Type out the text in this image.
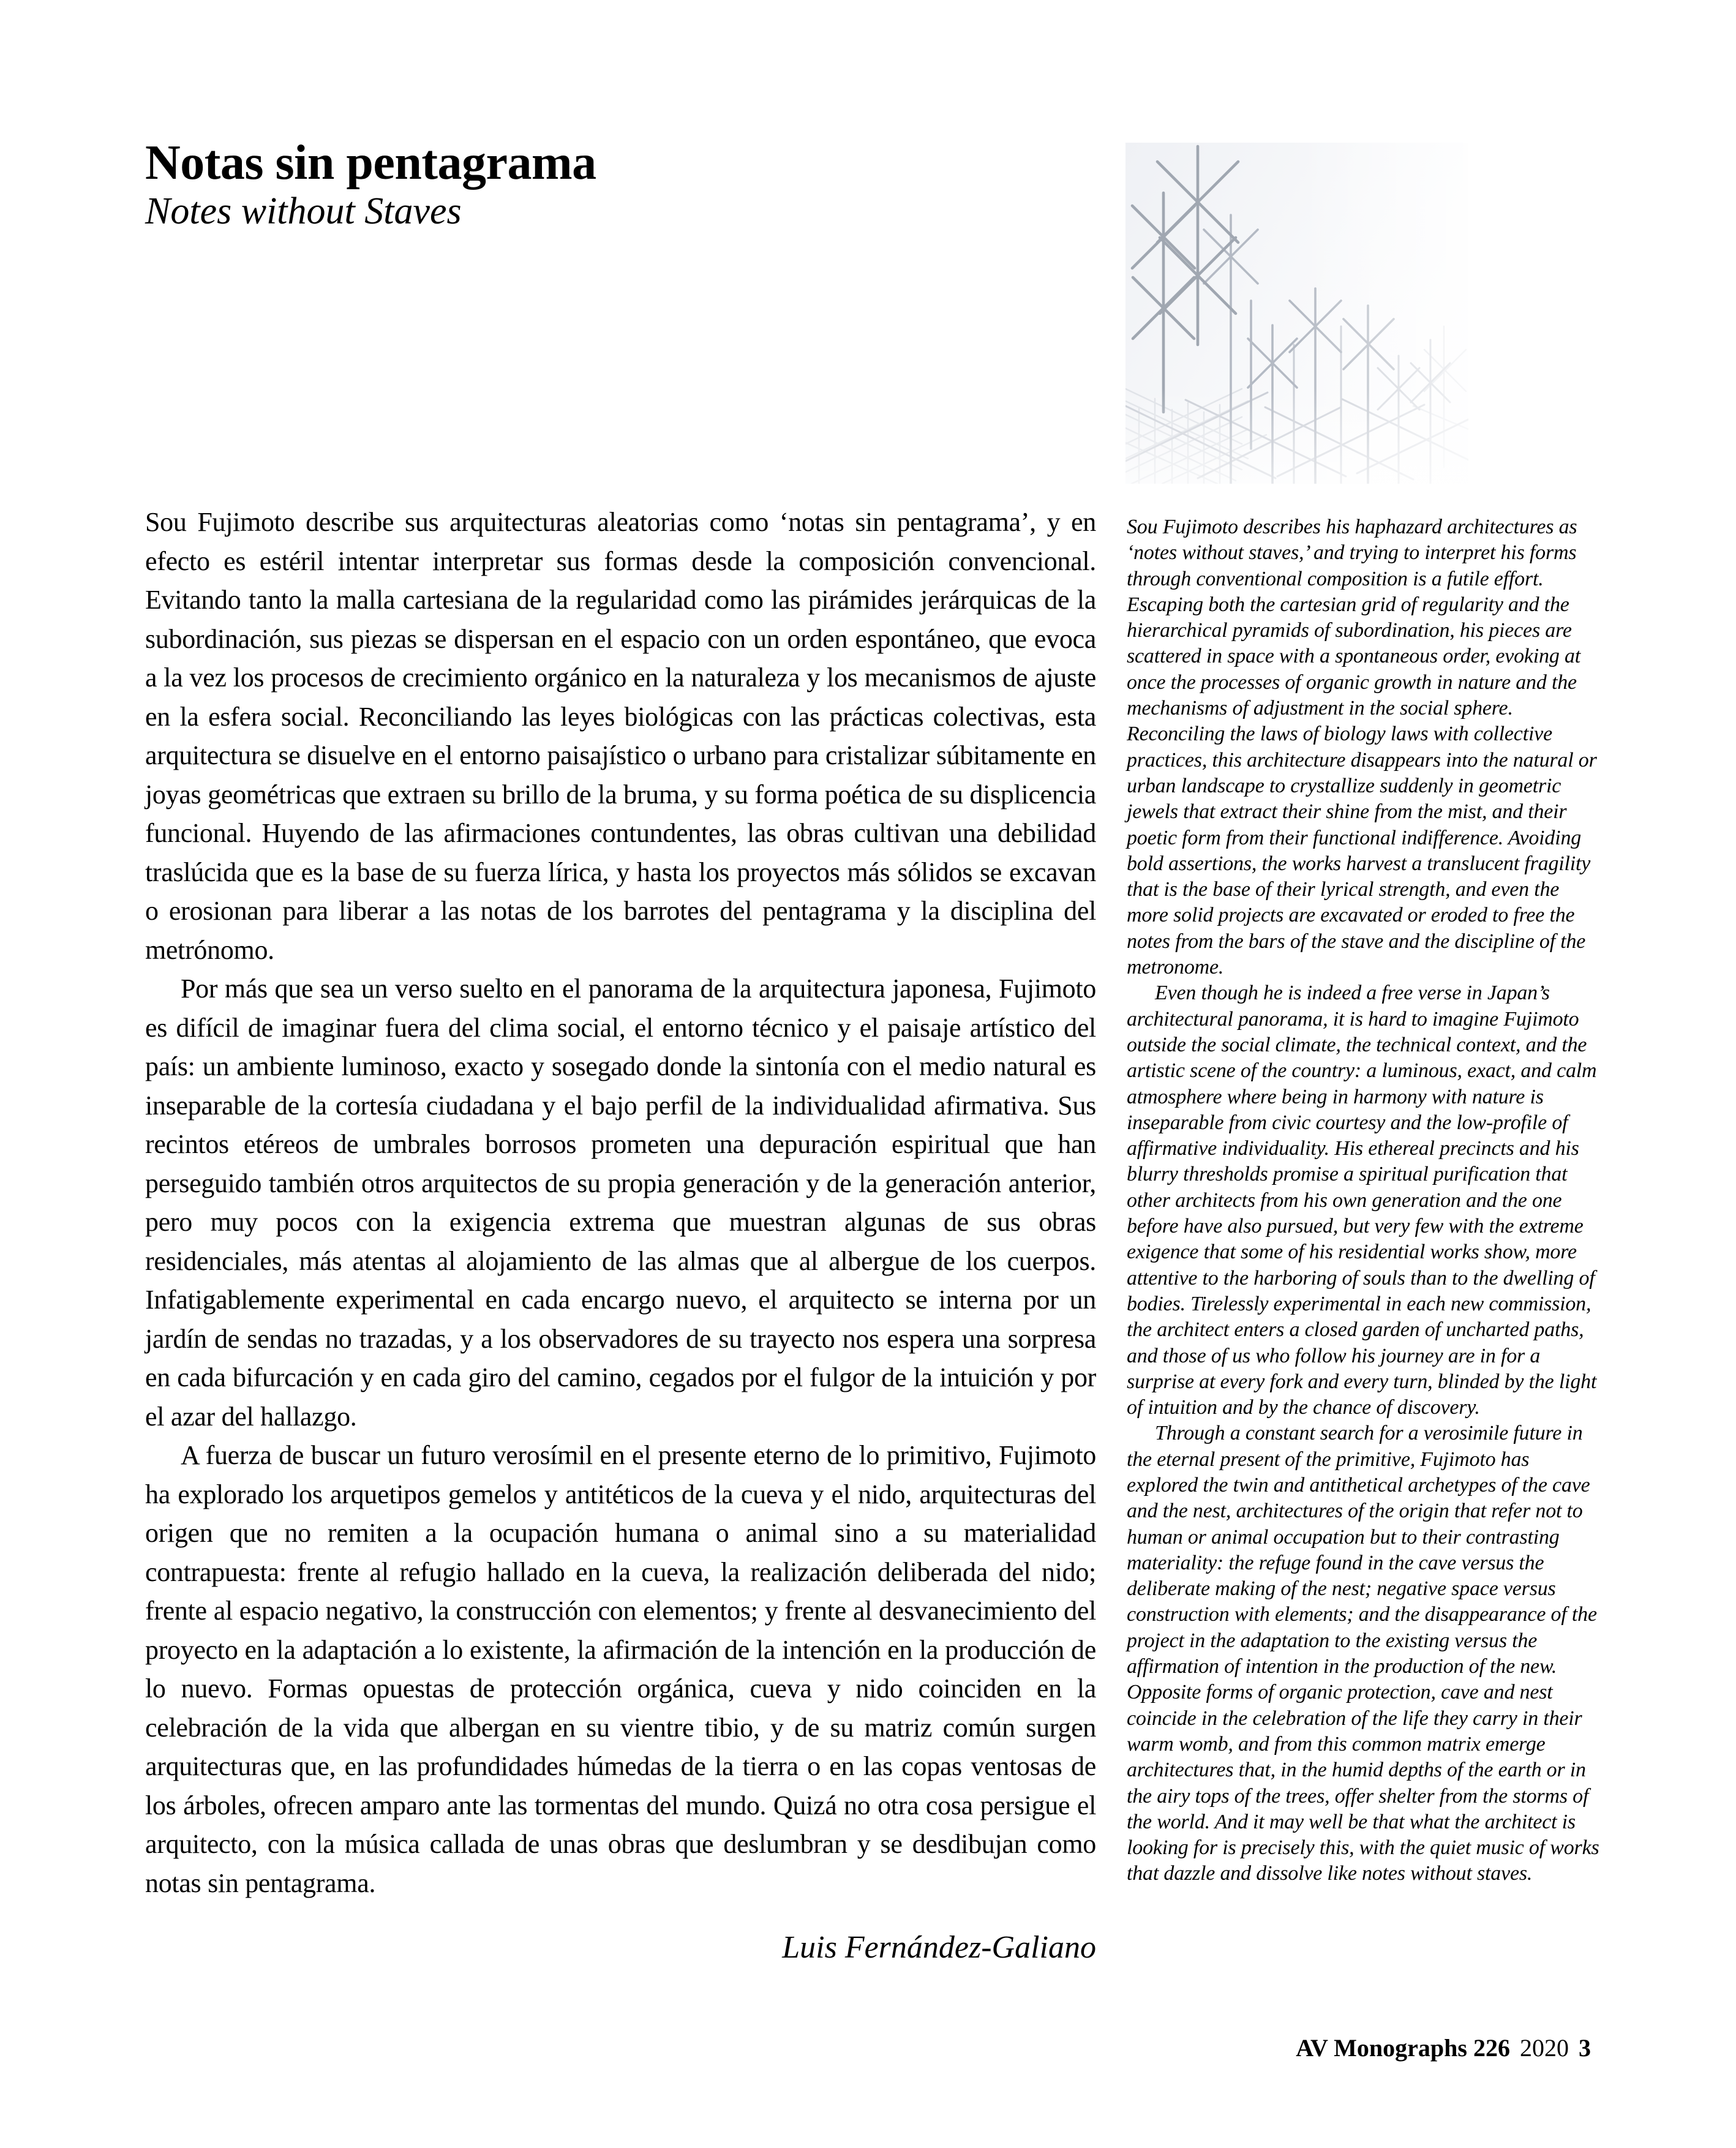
Notas sin pentagrama
Notes without Staves

Sou Fujimoto describe sus arquitecturas aleatorias como ‘notas sin pentagrama’, y en efecto es estéril intentar interpretar sus formas desde la composición convencional. Evitando tanto la malla cartesiana de la regularidad como las pirámides jerárquicas de la subordinación, sus piezas se dispersan en el espacio con un orden espontáneo, que evoca a la vez los procesos de crecimiento orgánico en la naturaleza y los mecanismos de ajuste en la esfera social. Reconciliando las leyes biológicas con las prácticas colectivas, esta arquitectura se disuelve en el entorno paisajístico o urbano para cristalizar súbitamente en joyas geométricas que extraen su brillo de la bruma, y su forma poética de su displicencia funcional. Huyendo de las afirmaciones contundentes, las obras cultivan una debilidad traslúcida que es la base de su fuerza lírica, y hasta los proyectos más sólidos se excavan o erosionan para liberar a las notas de los barrotes del pentagrama y la disciplina del metrónomo.

Por más que sea un verso suelto en el panorama de la arquitectura japonesa, Fujimoto es difícil de imaginar fuera del clima social, el entorno técnico y el paisaje artístico del país: un ambiente luminoso, exacto y sosegado donde la sintonía con el medio natural es inseparable de la cortesía ciudadana y el bajo perfil de la individualidad afirmativa. Sus recintos etéreos de umbrales borrosos prometen una depuración espiritual que han perseguido también otros arquitectos de su propia generación y de la generación anterior, pero muy pocos con la exigencia extrema que muestran algunas de sus obras residenciales, más atentas al alojamiento de las almas que al albergue de los cuerpos. Infatigablemente experimental en cada encargo nuevo, el arquitecto se interna por un jardín de sendas no trazadas, y a los observadores de su trayecto nos espera una sorpresa en cada bifurcación y en cada giro del camino, cegados por el fulgor de la intuición y por el azar del hallazgo.

A fuerza de buscar un futuro verosímil en el presente eterno de lo primitivo, Fujimoto ha explorado los arquetipos gemelos y antitéticos de la cueva y el nido, arquitecturas del origen que no remiten a la ocupación humana o animal sino a su materialidad contrapuesta: frente al refugio hallado en la cueva, la realización deliberada del nido; frente al espacio negativo, la construcción con elementos; y frente al desvanecimiento del proyecto en la adaptación a lo existente, la afirmación de la intención en la producción de lo nuevo. Formas opuestas de protección orgánica, cueva y nido coinciden en la celebración de la vida que albergan en su vientre tibio, y de su matriz común surgen arquitecturas que, en las profundidades húmedas de la tierra o en las copas ventosas de los árboles, ofrecen amparo ante las tormentas del mundo. Quizá no otra cosa persigue el arquitecto, con la música callada de unas obras que deslumbran y se desdibujan como notas sin pentagrama.

Luis Fernández-Galiano

Sou Fujimoto describes his haphazard architectures as ‘notes without staves,’ and trying to interpret his forms through conventional composition is a futile effort. Escaping both the cartesian grid of regularity and the hierarchical pyramids of subordination, his pieces are scattered in space with a spontaneous order, evoking at once the processes of organic growth in nature and the mechanisms of adjustment in the social sphere. Reconciling the laws of biology laws with collective practices, this architecture disappears into the natural or urban landscape to crystallize suddenly in geometric jewels that extract their shine from the mist, and their poetic form from their functional indifference. Avoiding bold assertions, the works harvest a translucent fragility that is the base of their lyrical strength, and even the more solid projects are excavated or eroded to free the notes from the bars of the stave and the discipline of the metronome.

Even though he is indeed a free verse in Japan’s architectural panorama, it is hard to imagine Fujimoto outside the social climate, the technical context, and the artistic scene of the country: a luminous, exact, and calm atmosphere where being in harmony with nature is inseparable from civic courtesy and the low-profile of affirmative individuality. His ethereal precincts and his blurry thresholds promise a spiritual purification that other architects from his own generation and the one before have also pursued, but very few with the extreme exigence that some of his residential works show, more attentive to the harboring of souls than to the dwelling of bodies. Tirelessly experimental in each new commission, the architect enters a closed garden of uncharted paths, and those of us who follow his journey are in for a surprise at every fork and every turn, blinded by the light of intuition and by the chance of discovery.

Through a constant search for a verosimile future in the eternal present of the primitive, Fujimoto has explored the twin and antithetical archetypes of the cave and the nest, architectures of the origin that refer not to human or animal occupation but to their contrasting materiality: the refuge found in the cave versus the deliberate making of the nest; negative space versus construction with elements; and the disappearance of the project in the adaptation to the existing versus the affirmation of intention in the production of the new. Opposite forms of organic protection, cave and nest coincide in the celebration of the life they carry in their warm womb, and from this common matrix emerge architectures that, in the humid depths of the earth or in the airy tops of the trees, offer shelter from the storms of the world. And it may well be that what the architect is looking for is precisely this, with the quiet music of works that dazzle and dissolve like notes without staves.

AV Monographs 226 2020 3
